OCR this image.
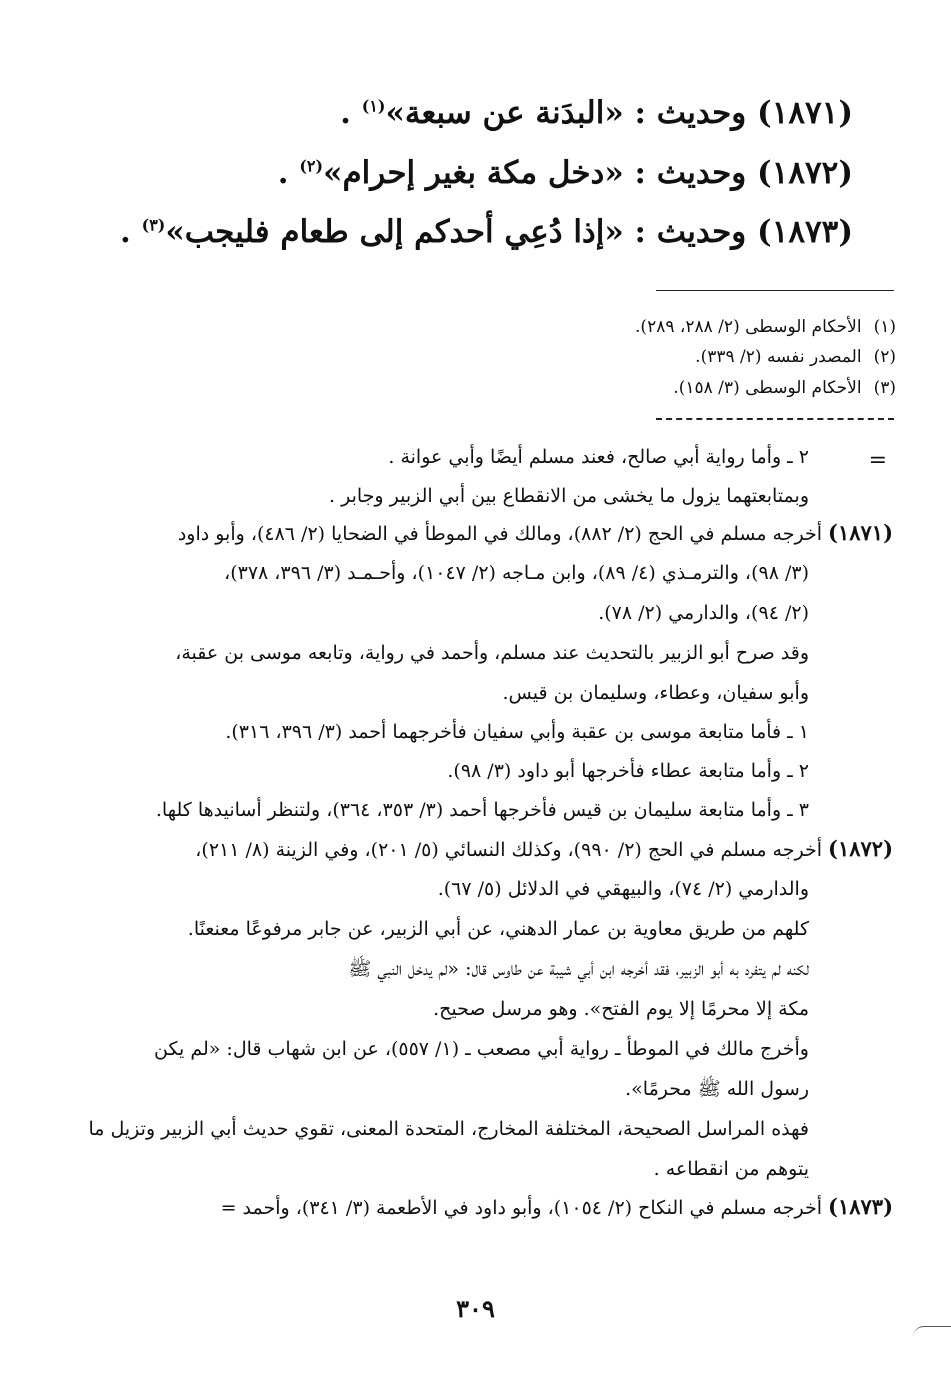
(١٨٧١) وحديث : «البدَنة عن سبعة»$^{(١)}$ .
(١٨٧٢) وحديث : «دخل مكة بغير إحرام»$^{(٢)}$ .
(١٨٧٣) وحديث : «إذا دُعِي أحدكم إلى طعام فليجب»$^{(٣)}$ .
(١)الأحكام الوسطى (٢/ ٢٨٨، ٢٨٩).
(٢)المصدر نفسه (٢/ ٣٣٩).
(٣)الأحكام الوسطى (٣/ ١٥٨).
=
٢ ـ وأما رواية أبي صالح، فعند مسلم أيضًا وأبي عوانة .
وبمتابعتهما يزول ما يخشى من الانقطاع بين أبي الزبير وجابر .
(١٨٧١)أخرجه مسلم في الحج (٢/ ٨٨٢)، ومالك في الموطأ في الضحايا (٢/ ٤٨٦)، وأبو داود
(٣/ ٩٨)، والترمـذي (٤/ ٨٩)، وابن مـاجه (٢/ ١٠٤٧)، وأحـمـد (٣/ ٣٩٦، ٣٧٨)،
(٢/ ٩٤)، والدارمي (٢/ ٧٨).
وقد صرح أبو الزبير بالتحديث عند مسلم، وأحمد في رواية، وتابعه موسى بن عقبة،
وأبو سفيان، وعطاء، وسليمان بن قيس.
١ ـ فأما متابعة موسى بن عقبة وأبي سفيان فأخرجهما أحمد (٣/ ٣٩٦، ٣١٦).
٢ ـ وأما متابعة عطاء فأخرجها أبو داود (٣/ ٩٨).
٣ ـ وأما متابعة سليمان بن قيس فأخرجها أحمد (٣/ ٣٥٣، ٣٦٤)، ولتنظر أسانيدها كلها.
(١٨٧٢)أخرجه مسلم في الحج (٢/ ٩٩٠)، وكذلك النسائي (٥/ ٢٠١)، وفي الزينة (٨/ ٢١١)،
والدارمي (٢/ ٧٤)، والبيهقي في الدلائل (٥/ ٦٧).
كلهم من طريق معاوية بن عمار الدهني، عن أبي الزبير، عن جابر مرفوعًا معنعنًا.
لكنه لم يتفرد به أبو الزبير، فقد أخرجه ابن أبي شيبة عن طاوس قال: «لم يدخل النبي ﷺ
مكة إلا محرمًا إلا يوم الفتح». وهو مرسل صحيح.
وأخرج مالك في الموطأ ـ رواية أبي مصعب ـ (١/ ٥٥٧)، عن ابن شهاب قال: «لم يكن
رسول الله ﷺ محرمًا».
فهذه المراسل الصحيحة، المختلفة المخارج، المتحدة المعنى، تقوي حديث أبي الزبير وتزيل ما
يتوهم من انقطاعه .
(١٨٧٣)أخرجه مسلم في النكاح (٢/ ١٠٥٤)، وأبو داود في الأطعمة (٣/ ٣٤١)، وأحمد =
٣٠٩
